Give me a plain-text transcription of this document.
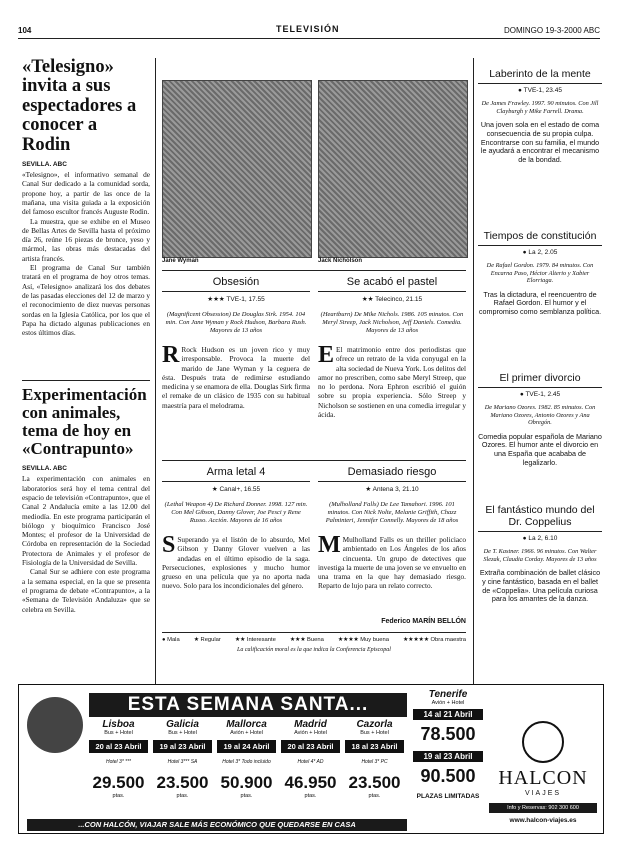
104	TELEVISIÓN	DOMINGO 19-3-2000 ABC
«Telesigno» invita a sus espectadores a conocer a Rodin
SEVILLA. ABC
«Telesigno», el informativo semanal de Canal Sur dedicado a la comunidad sorda, propone hoy, a partir de las once de la mañana, una visita guiada a la exposición del famoso escultor francés Auguste Rodin.
La muestra, que se exhibe en el Museo de Bellas Artes de Sevilla hasta el próximo día 26, reúne 16 piezas de bronce, yeso y mármol, las obras más destacadas del artista francés.
El programa de Canal Sur también tratará en el programa de hoy otros temas. Así, «Telesigno» analizará los dos debates de las pasadas elecciones del 12 de marzo y el reconocimiento de diez nuevas personas sordas en la Iglesia Católica, por los que el Papa ha dictado algunas publicaciones en estos últimos días.
Experimentación con animales, tema de hoy en «Contrapunto»
SEVILLA. ABC
La experimentación con animales en laboratorios será hoy el tema central del espacio de televisión «Contrapunto», que el Canal 2 Andalucía emite a las 12.00 del mediodía. En este programa participarán el biólogo y bioquímico Francisco José Montes; el profesor de la Universidad de Córdoba en representación de la Sociedad Protectora de Animales y el profesor de Fisiología de la Universidad de Sevilla.
Canal Sur se adhiere con este programa a la semana especial, en la que se presenta el programa de debate «Contrapunto», a la «Semana de Televisión Andaluza» que se celebra en Sevilla.
Jane Wyman	Jack Nicholson
Obsesión
★★★ TVE-1, 17.55
(Magnificent Obsession) De Douglas Sirk. 1954. 104 min. Con Jane Wyman y Rock Hudson, Barbara Rush. Mayores de 13 años
R Rock Hudson es un joven rico y muy irresponsable. Provoca la muerte del marido de Jane Wyman y la ceguera de ésta. Después trata de redimirse estudiando medicina y se enamora de ella. Douglas Sirk firma el remake de un clásico de 1935 con su habitual maestría para el melodrama.
Se acabó el pastel
★★ Telecinco, 21.15
(Heartburn) De Mike Nichols. 1986. 105 minutos. Con Meryl Streep, Jack Nicholson, Jeff Daniels. Comedia. Mayores de 13 años
E El matrimonio entre dos periodistas que ofrece un retrato de la vida conyugal en la alta sociedad de Nueva York. Los delitos del amor no prescriben, como sabe Meryl Streep, que no lo perdona. Nora Ephron escribió el guión sobre su propia experiencia. Sólo Streep y Nicholson se sostienen en una comedia irregular y ácida.
Arma letal 4
★ Canal+, 16.55
(Lethal Weapon 4) De Richard Donner. 1998. 127 min. Con Mel Gibson, Danny Glover, Joe Pesci y Rene Russo. Acción. Mayores de 16 años
S Superando ya el listón de lo absurdo, Mel Gibson y Danny Glover vuelven a las andadas en el último episodio de la saga. Persecuciones, explosiones y mucho humor grueso en una película que ya no aporta nada nuevo. Solo para los incondicionales del género.
Demasiado riesgo
★ Antena 3, 21.10
(Mulholland Falls) De Lee Tamahori. 1996. 101 minutos. Con Nick Nolte, Melanie Griffith, Chazz Palminteri, Jennifer Connelly. Mayores de 18 años
M Mulholland Falls es un thriller policiaco ambientado en Los Ángeles de los años cincuenta. Un grupo de detectives que investiga la muerte de una joven se ve envuelto en una trama en la que hay demasiado riesgo. Reparto de lujo para un relato correcto.
Federico MARÍN BELLÓN
● Mala ★ Regular ★★ Interesante ★★★ Buena ★★★★ Muy buena ★★★★★ Obra maestra
La calificación moral es la que indica la Conferencia Episcopal
Laberinto de la mente
● TVE-1, 23.45
De James Frawley. 1997. 90 minutos. Con Jill Clayburgh y Mike Farrell. Drama.
Una joven sola en el estado de coma consecuencia de su propia culpa. Encontrarse con su familia, el mundo le ayudará a encontrar el mecanismo de la bondad.
Tiempos de constitución
● La 2, 2.05
De Rafael Gordon. 1979. 84 minutos. Con Encarna Paso, Héctor Alterio y Xabier Elorriaga.
Tras la dictadura, el reencuentro de Rafael Gordon. El humor y el compromiso como semblanza política.
El primer divorcio
● TVE-1, 2.45
De Mariano Ozores. 1982. 85 minutos. Con Mariano Ozores, Antonio Ozores y Ana Obregón.
Comedia popular española de Mariano Ozores. El humor ante el divorcio en una España que acababa de legalizarlo.
El fantástico mundo del Dr. Coppelius
● La 2, 6.10
De T. Kastner. 1966. 96 minutos. Con Walter Slezak, Claudia Corday. Mayores de 13 años
Extraña combinación de ballet clásico y cine fantástico, basada en el ballet de «Coppelia». Una película curiosa para los amantes de la danza.
ESTA SEMANA SANTA...
Lisboa
Bus + Hotel
20 al 23 Abril
Hotel 3* ***
29.500
ptas.
Galicia
Bus + Hotel
19 al 23 Abril
Hotel 3*** SA
23.500
ptas.
Mallorca
Avión + Hotel
19 al 24 Abril
Hotel 3* Todo incluido
50.900
ptas.
Madrid
Avión + Hotel
20 al 23 Abril
Hotel 4* AD
46.950
ptas.
Cazorla
Bus + Hotel
18 al 23 Abril
Hotel 3* PC
23.500
ptas.
Tenerife
Avión + Hotel
14 al 21 Abril
78.500
19 al 23 Abril
90.500
PLAZAS LIMITADAS
HALCON
VIAJES
Info y Reservas: 902 300 600
www.halcon-viajes.es
...CON HALCÓN, VIAJAR SALE MÁS ECONÓMICO QUE QUEDARSE EN CASA
